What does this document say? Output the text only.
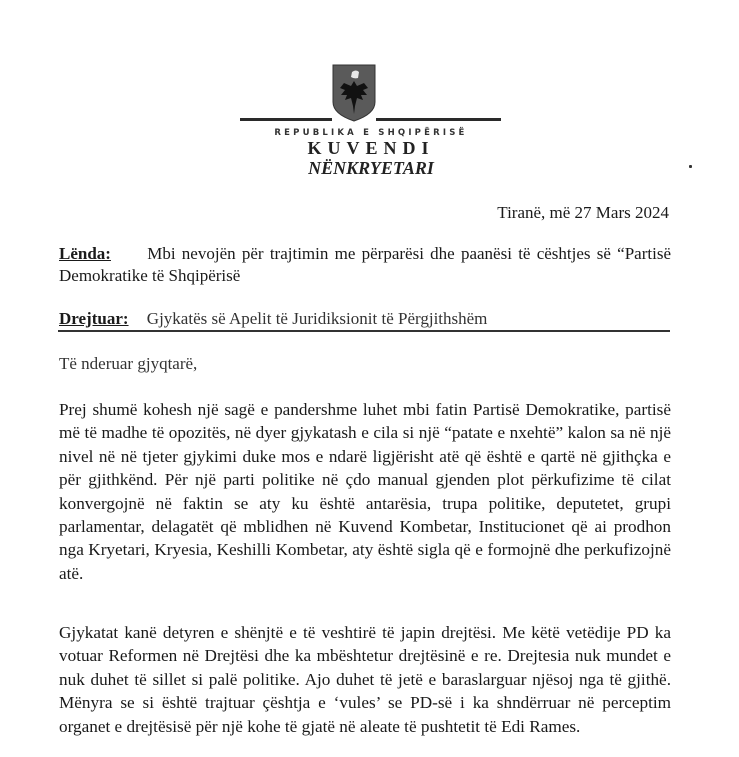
REPUBLIKA E SHQIPËRISË
KUVENDI
NËNKRYETARI
Tiranë, më 27 Mars 2024
Lënda: Mbi nevojën për trajtimin me përparësi dhe paanësi të cështjes së “Partisë Demokratike të Shqipërisë
Drejtuar: Gjykatës së Apelit të Juridiksionit të Përgjithshëm
Të nderuar gjyqtarë,
Prej shumë kohesh një sagë e pandershme luhet mbi fatin Partisë Demokratike, partisë më të madhe të opozitës, në dyer gjykatash e cila si një “patate e nxehtë” kalon sa në një nivel në në tjeter gjykimi duke mos e ndarë ligjërisht atë që është e qartë në gjithçka e për gjithkënd. Për një parti politike në çdo manual gjenden plot përkufizime të cilat konvergojnë në faktin se aty ku është antarësia, trupa politike, deputetet, grupi parlamentar, delagatët që mblidhen në Kuvend Kombetar, Institucionet që ai prodhon nga Kryetari, Kryesia, Keshilli Kombetar, aty është sigla që e formojnë dhe perkufizojnë atë.
Gjykatat kanë detyren e shënjtë e të veshtirë të japin drejtësi. Me këtë vetëdije PD ka votuar Reformen në Drejtësi dhe ka mbështetur drejtësinë e re. Drejtesia nuk mundet e nuk duhet të sillet si palë politike. Ajo duhet të jetë e baraslarguar njësoj nga të gjithë. Mënyra se si është trajtuar çështja e ‘vules’ se PD-së i ka shndërruar në perceptim organet e drejtësisë për një kohe të gjatë në aleate të pushtetit të Edi Rames.
